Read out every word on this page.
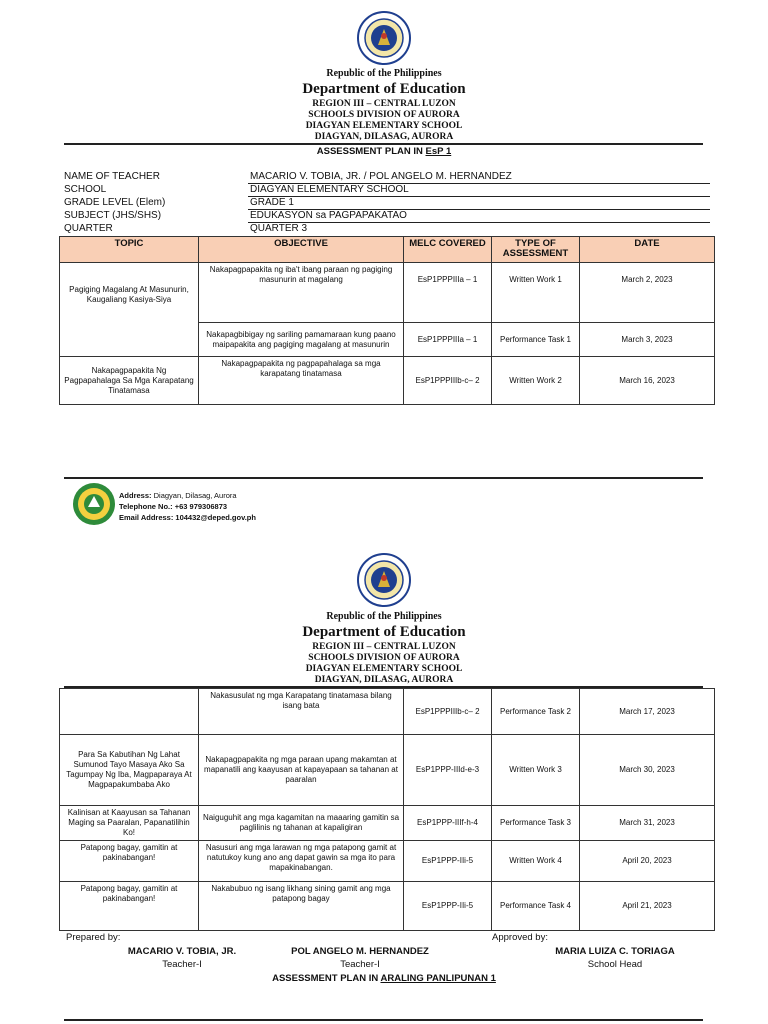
Republic of the Philippines
Department of Education
REGION III – CENTRAL LUZON
SCHOOLS DIVISION OF AURORA
DIAGYAN ELEMENTARY SCHOOL
DIAGYAN, DILASAG, AURORA
ASSESSMENT PLAN IN EsP 1
NAME OF TEACHER	MACARIO V. TOBIA, JR. / POL ANGELO M. HERNANDEZ
SCHOOL	DIAGYAN ELEMENTARY SCHOOL
GRADE LEVEL (Elem)	GRADE 1
SUBJECT (JHS/SHS)	EDUKASYON sa PAGPAPAKATAO
QUARTER	QUARTER 3
TOPIC	OBJECTIVE	MELC COVERED	TYPE OF ASSESSMENT	DATE
Pagiging Magalang At Masunurin, Kaugaliang Kasiya-Siya	Nakapagpapakita ng iba't ibang paraan ng pagiging masunurin at magalang	EsP1PPPIIIa – 1	Written Work 1	March 2, 2023
	Nakapagbibigay ng sariling pamamaraan kung paano maipapakita ang pagiging magalang at masunurin	EsP1PPPIIIa – 1	Performance Task 1	March 3, 2023
Nakapagpapakita Ng Pagpapahalaga Sa Mga Karapatang Tinatamasa	Nakapagpapakita ng pagpapahalaga sa mga karapatang tinatamasa	EsP1PPPIIIb-c– 2	Written Work 2	March 16, 2023
Address: Diagyan, Dilasag, Aurora
Telephone No.: +63 979306873
Email Address: 104432@deped.gov.ph
Republic of the Philippines
Department of Education
REGION III – CENTRAL LUZON
SCHOOLS DIVISION OF AURORA
DIAGYAN ELEMENTARY SCHOOL
DIAGYAN, DILASAG, AURORA
	Nakasusulat ng mga Karapatang tinatamasa bilang isang bata	EsP1PPPIIIb-c– 2	Performance Task 2	March 17, 2023
Para Sa Kabutihan Ng Lahat Sumunod Tayo Masaya Ako Sa Tagumpay Ng Iba, Magpaparaya At Magpapakumbaba Ako	Nakapagpapakita ng mga paraan upang makamtan at mapanatili ang kaayusan at kapayapaan sa tahanan at paaralan	EsP1PPP-IIId-e-3	Written Work 3	March 30, 2023
Kalinisan at Kaayusan sa Tahanan Maging sa Paaralan, Papanatilihin Ko!	Naiguguhit ang mga kagamitan na maaaring gamitin sa paglilinis ng tahanan at kapaligiran	EsP1PPP-IIIf-h-4	Performance Task 3	March 31, 2023
Patapong bagay, gamitin at pakinabangan!	Nasusuri ang mga larawan ng mga patapong gamit at natutukoy kung ano ang dapat gawin sa mga ito para mapakinabangan.	EsP1PPP-IIi-5	Written Work 4	April 20, 2023
Patapong bagay, gamitin at pakinabangan!	Nakabubuo ng isang likhang sining gamit ang mga patapong bagay	EsP1PPP-IIi-5	Performance Task 4	April 21, 2023
Prepared by:	Approved by:
MACARIO V. TOBIA, JR.
Teacher-I
POL ANGELO M. HERNANDEZ
Teacher-I
MARIA LUIZA C. TORIAGA
School Head
ASSESSMENT PLAN IN ARALING PANLIPUNAN 1
